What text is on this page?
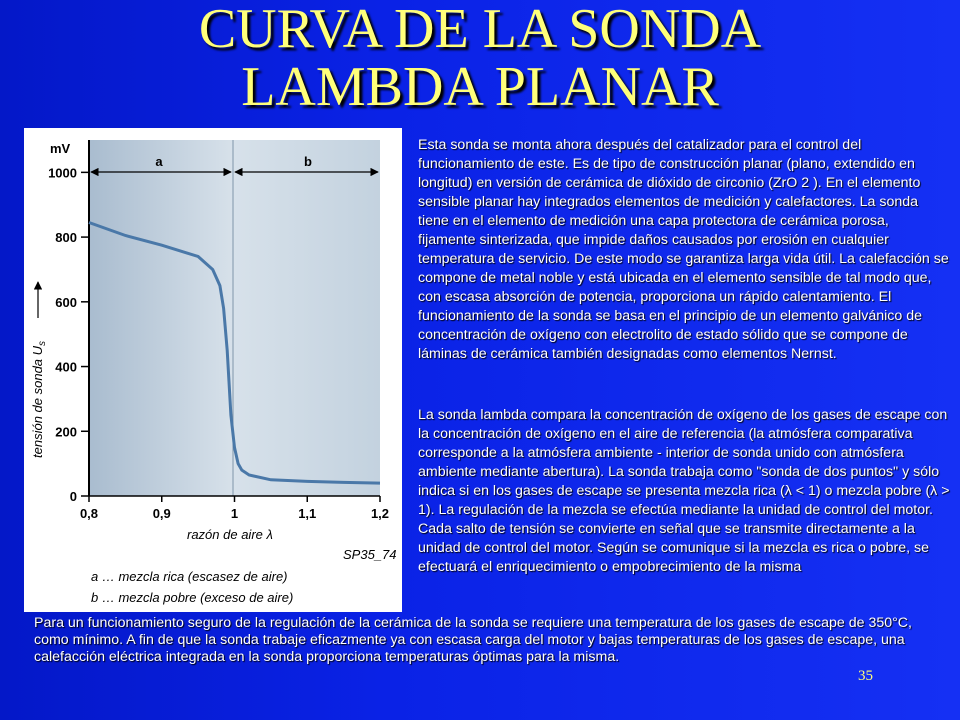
CURVA DE LA SONDA
LAMBDA PLANAR
a	b
mV
0
200
400
600
800
1000
0,8	0,9	1	1,1	1,2
tensión de sonda $U_s$
razón de aire λ
SP35_74
a … mezcla rica (escasez de aire)
b … mezcla pobre (exceso de aire)
Esta sonda se monta ahora después del catalizador para el control del funcionamiento de este. Es de tipo de construcción planar (plano, extendido en longitud) en versión de cerámica de dióxido de circonio (ZrO 2 ). En el elemento sensible planar hay integrados elementos de medición y calefactores. La sonda tiene en el elemento de medición una capa protectora de cerámica porosa, fijamente sinterizada, que impide daños causados por erosión en cualquier temperatura de servicio. De este modo se garantiza larga vida útil. La calefacción se compone de metal noble y está ubicada en el elemento sensible de tal modo que, con escasa absorción de potencia, proporciona un rápido calentamiento. El funcionamiento de la sonda se basa en el principio de un elemento galvánico de concentración de oxígeno con electrolito de estado sólido que se compone de láminas de cerámica también designadas como elementos Nernst.
La sonda lambda compara la concentración de oxígeno de los gases de escape con la concentración de oxígeno en el aire de referencia (la atmósfera comparativa corresponde a la atmósfera ambiente - interior de sonda unido con atmósfera ambiente mediante abertura). La sonda trabaja como "sonda de dos puntos" y sólo indica si en los gases de escape se presenta mezcla rica (λ < 1) o mezcla pobre (λ > 1). La regulación de la mezcla se efectúa mediante la unidad de control del motor. Cada salto de tensión se convierte en señal que se transmite directamente a la unidad de control del motor. Según se comunique si la mezcla es rica o pobre, se efectuará el enriquecimiento o empobrecimiento de la misma
Para un funcionamiento seguro de la regulación de la cerámica de la sonda se requiere una temperatura de los gases de escape de 350°C, como mínimo. A fin de que la sonda trabaje eficazmente ya con escasa carga del motor y bajas temperaturas de los gases de escape, una calefacción eléctrica integrada en la sonda proporciona temperaturas óptimas para la misma.
35
